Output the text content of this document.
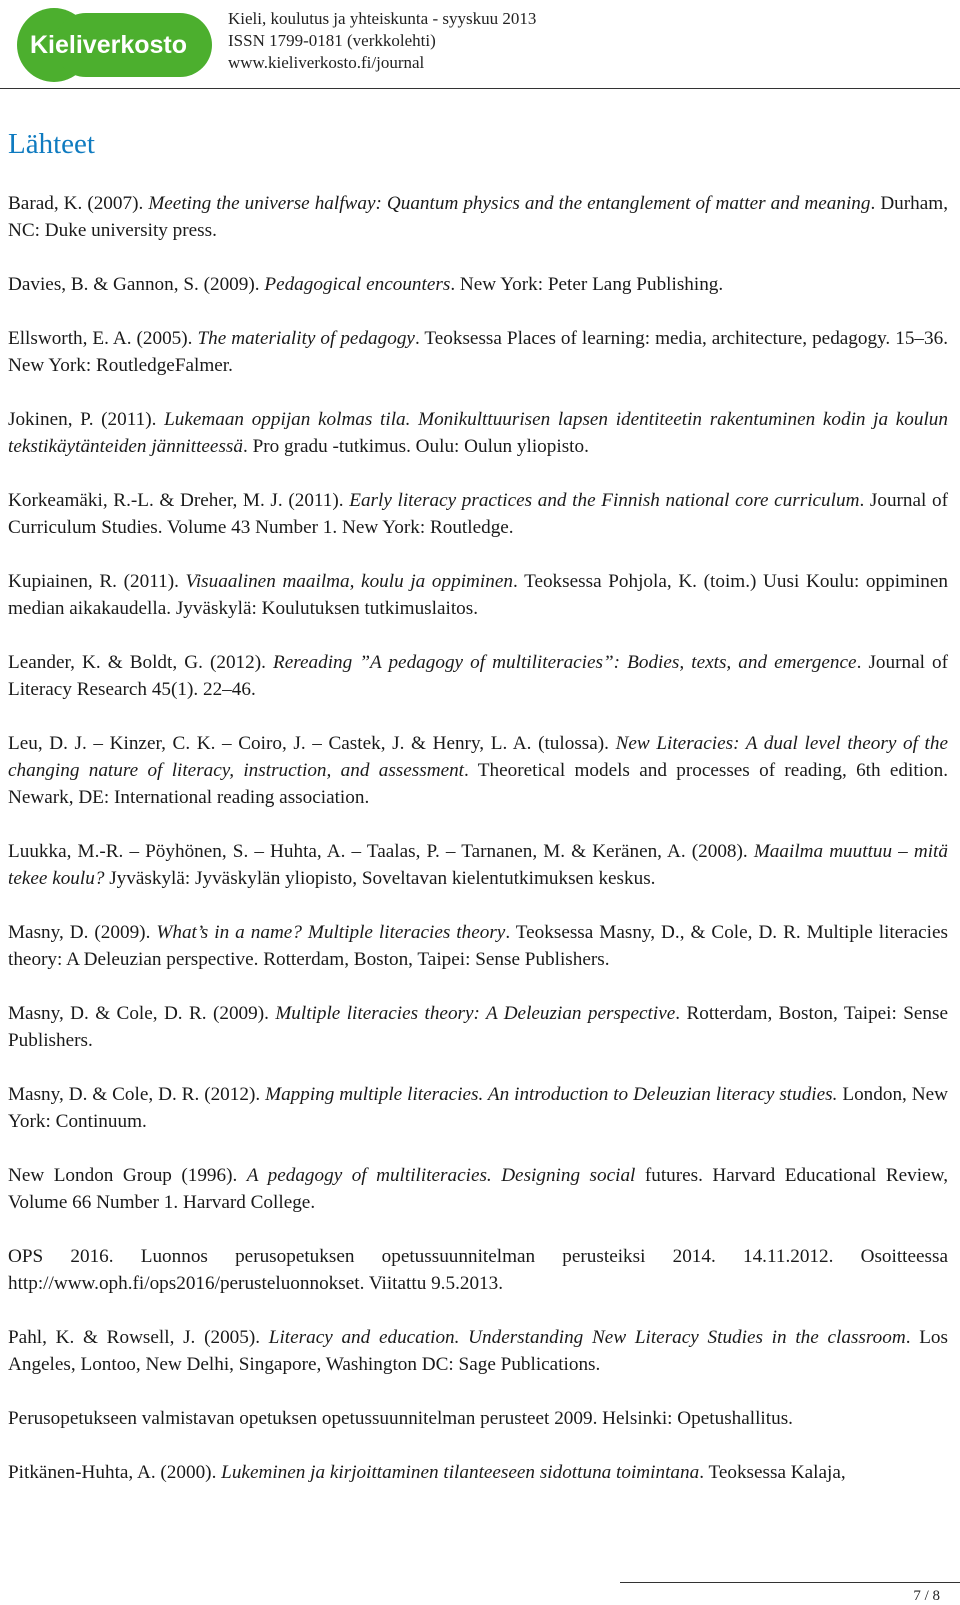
Kieliverkosto
Kieli, koulutus ja yhteiskunta - syyskuu 2013
ISSN 1799-0181 (verkkolehti)
www.kieliverkosto.fi/journal
Lähteet

Barad, K. (2007). Meeting the universe halfway: Quantum physics and the entanglement of matter and meaning. Durham, NC: Duke university press.

Davies, B. & Gannon, S. (2009). Pedagogical encounters. New York: Peter Lang Publishing.

Ellsworth, E. A. (2005). The materiality of pedagogy. Teoksessa Places of learning: media, architecture, pedagogy. 15–36. New York: RoutledgeFalmer.

Jokinen, P. (2011). Lukemaan oppijan kolmas tila. Monikulttuurisen lapsen identiteetin rakentuminen kodin ja koulun tekstikäytänteiden jännitteessä. Pro gradu -tutkimus. Oulu: Oulun yliopisto.

Korkeamäki, R.-L. & Dreher, M. J. (2011). Early literacy practices and the Finnish national core curriculum. Journal of Curriculum Studies. Volume 43 Number 1. New York: Routledge.

Kupiainen, R. (2011). Visuaalinen maailma, koulu ja oppiminen. Teoksessa Pohjola, K. (toim.) Uusi Koulu: oppiminen median aikakaudella. Jyväskylä: Koulutuksen tutkimuslaitos.

Leander, K. & Boldt, G. (2012). Rereading ”A pedagogy of multiliteracies”: Bodies, texts, and emergence. Journal of Literacy Research 45(1). 22–46.

Leu, D. J. – Kinzer, C. K. – Coiro, J. – Castek, J. & Henry, L. A. (tulossa). New Literacies: A dual level theory of the changing nature of literacy, instruction, and assessment. Theoretical models and processes of reading, 6th edition. Newark, DE: International reading association.

Luukka, M.-R. – Pöyhönen, S. – Huhta, A. – Taalas, P. – Tarnanen, M. & Keränen, A. (2008). Maailma muuttuu – mitä tekee koulu? Jyväskylä: Jyväskylän yliopisto, Soveltavan kielentutkimuksen keskus.

Masny, D. (2009). What’s in a name? Multiple literacies theory. Teoksessa Masny, D., & Cole, D. R. Multiple literacies theory: A Deleuzian perspective. Rotterdam, Boston, Taipei: Sense Publishers.

Masny, D. & Cole, D. R. (2009). Multiple literacies theory: A Deleuzian perspective. Rotterdam, Boston, Taipei: Sense Publishers.

Masny, D. & Cole, D. R. (2012). Mapping multiple literacies. An introduction to Deleuzian literacy studies. London, New York: Continuum.

New London Group (1996). A pedagogy of multiliteracies. Designing social futures. Harvard Educational Review, Volume 66 Number 1. Harvard College.

OPS 2016. Luonnos perusopetuksen opetussuunnitelman perusteiksi 2014. 14.11.2012. Osoitteessa http://www.oph.fi/ops2016/perusteluonnokset. Viitattu 9.5.2013.

Pahl, K. & Rowsell, J. (2005). Literacy and education. Understanding New Literacy Studies in the classroom. Los Angeles, Lontoo, New Delhi, Singapore, Washington DC: Sage Publications.

Perusopetukseen valmistavan opetuksen opetussuunnitelman perusteet 2009. Helsinki: Opetushallitus.

Pitkänen-Huhta, A. (2000). Lukeminen ja kirjoittaminen tilanteeseen sidottuna toimintana. Teoksessa Kalaja,

7 / 8
